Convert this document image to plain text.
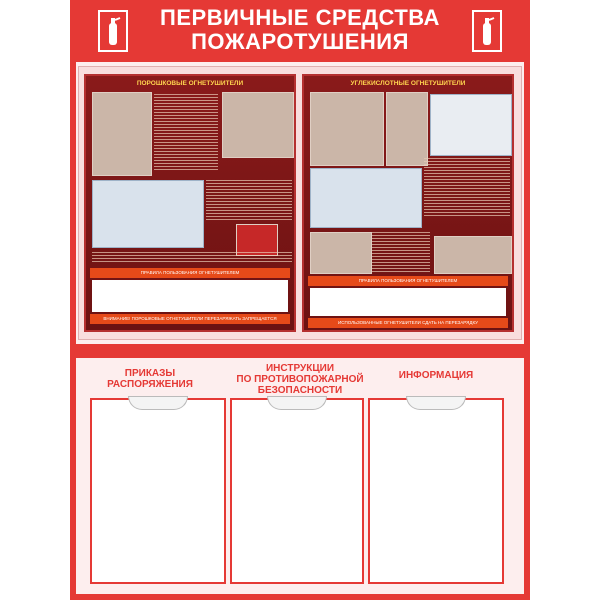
ПЕРВИЧНЫЕ СРЕДСТВА
ПОЖАРОТУШЕНИЯ
ПОРОШКОВЫЕ ОГНЕТУШИТЕЛИ
ПРАВИЛА ПОЛЬЗОВАНИЯ ОГНЕТУШИТЕЛЕМ
ВНИМАНИЕ! ПОРОШКОВЫЕ ОГНЕТУШИТЕЛИ ПЕРЕЗАРЯЖАТЬ ЗАПРЕЩАЕТСЯ
УГЛЕКИСЛОТНЫЕ ОГНЕТУШИТЕЛИ
ПРАВИЛА ПОЛЬЗОВАНИЯ ОГНЕТУШИТЕЛЕМ
ИСПОЛЬЗОВАННЫЕ ОГНЕТУШИТЕЛИ СДАТЬ НА ПЕРЕЗАРЯДКУ
ПРИКАЗЫ
РАСПОРЯЖЕНИЯ
ИНСТРУКЦИИ
ПО ПРОТИВОПОЖАРНОЙ
БЕЗОПАСНОСТИ
ИНФОРМАЦИЯ
